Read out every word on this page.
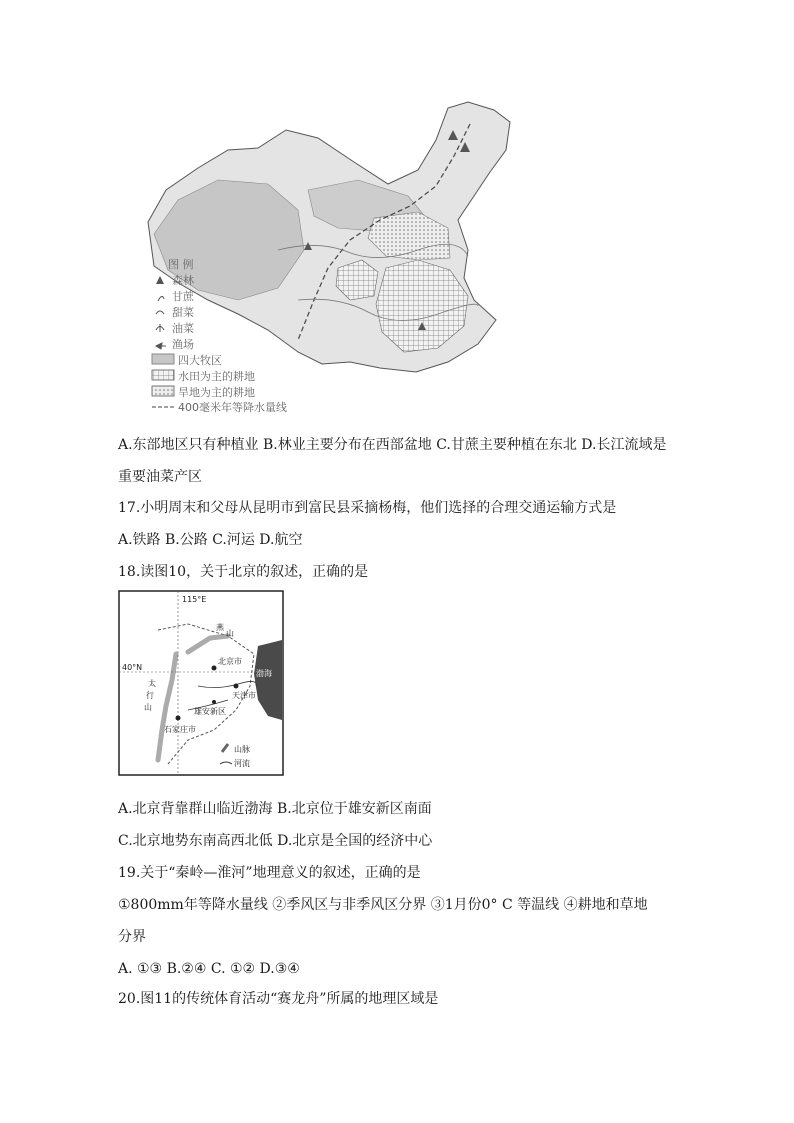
图 例
森林
甘蔗
甜菜
油菜
渔场
四大牧区
水田为主的耕地
旱地为主的耕地
400毫米年等降水量线
A.东部地区只有种植业 B.林业主要分布在西部盆地 C.甘蔗主要种植在东北 D.长江流域是
重要油菜产区
17.小明周末和父母从昆明市到富民县采摘杨梅，他们选择的合理交通运输方式是
A.铁路 B.公路 C.河运 D.航空
18.读图10，关于北京的叙述，正确的是
渤海
115°E
40°N
北京市
天津市
雄安新区
石家庄市
太
行
山
燕
山
山脉
河流
A.北京背靠群山临近渤海 B.北京位于雄安新区南面
C.北京地势东南高西北低 D.北京是全国的经济中心
19.关于“秦岭—淮河”地理意义的叙述，正确的是
①800mm年等降水量线 ②季风区与非季风区分界 ③1月份0° C 等温线 ④耕地和草地
分界
A. ①③ B.②④ C. ①② D.③④
20.图11的传统体育活动“赛龙舟”所属的地理区域是
